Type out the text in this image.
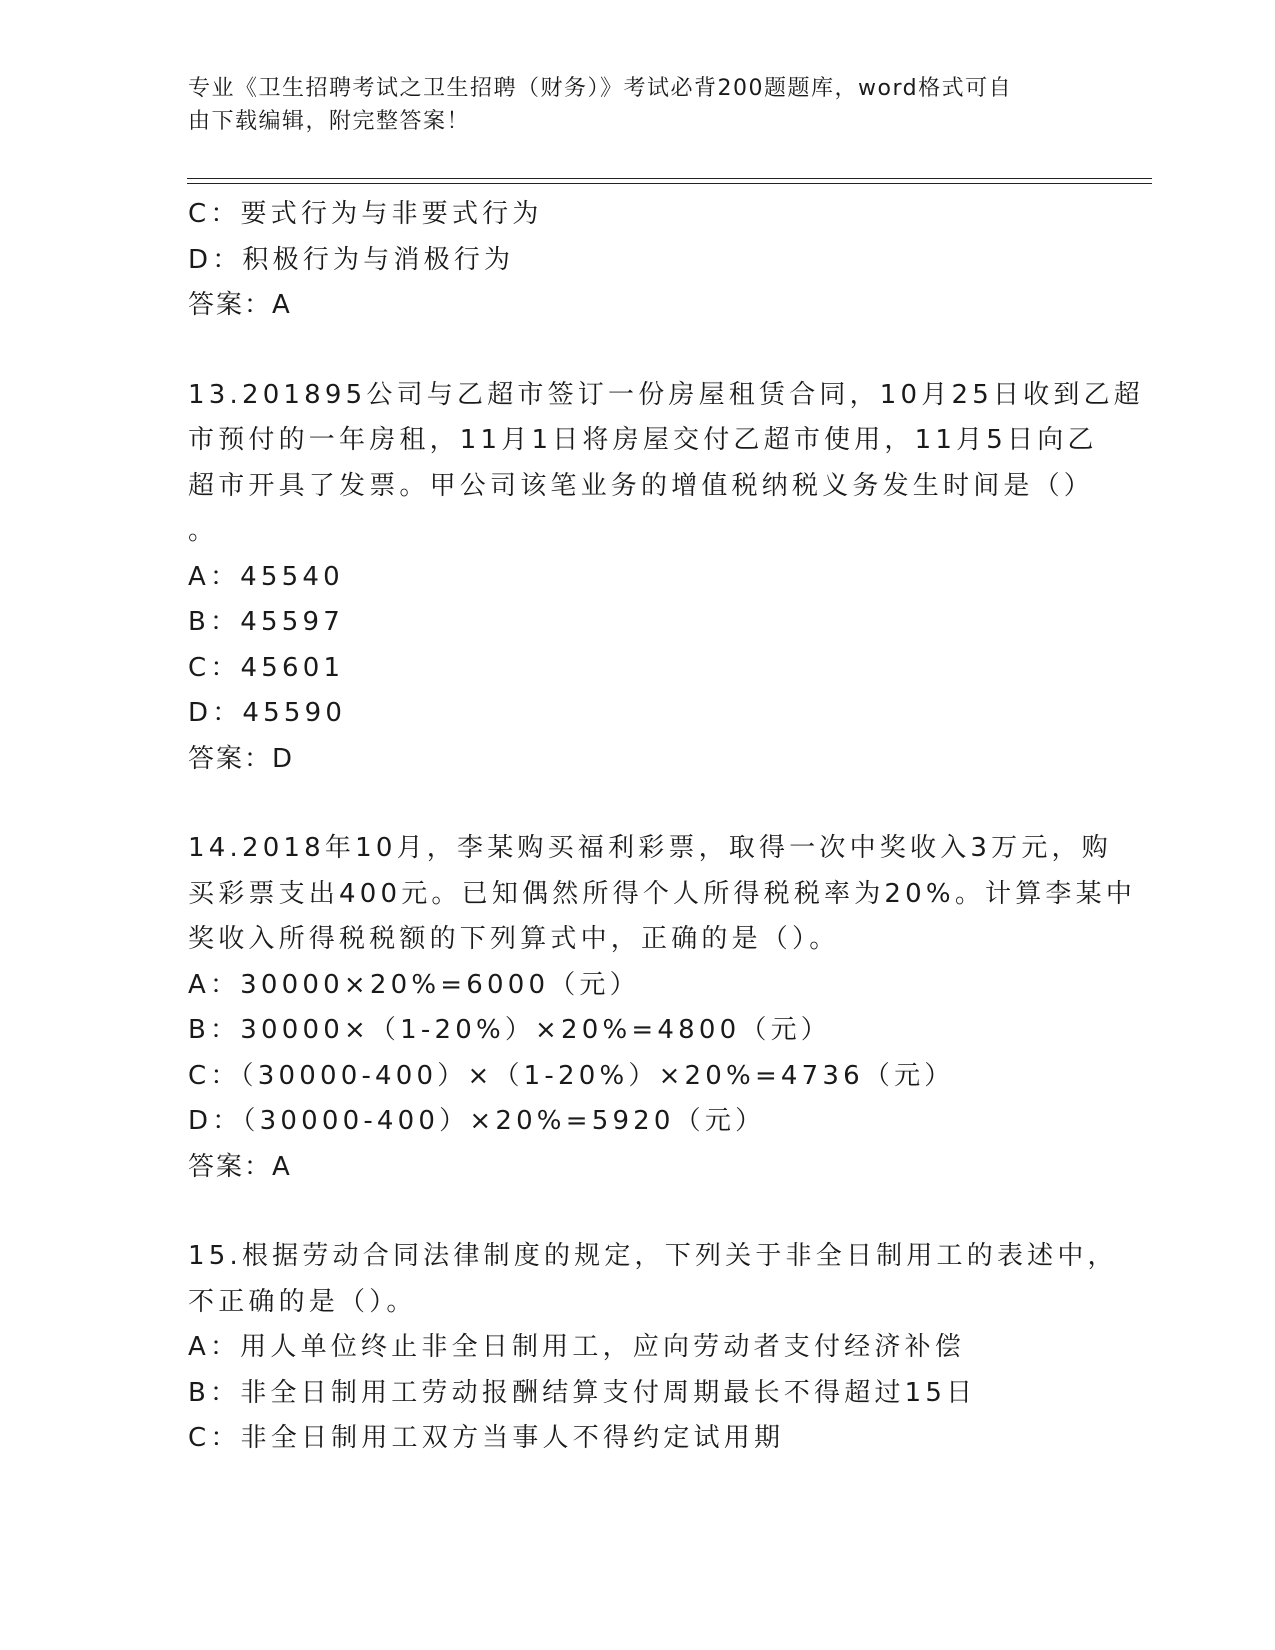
专业《卫生招聘考试之卫生招聘（财务）》考试必背200题题库，word格式可自
由下载编辑，附完整答案！
C：要式行为与非要式行为
D：积极行为与消极行为
答案：A
13.201895公司与乙超市签订一份房屋租赁合同，10月25日收到乙超
市预付的一年房租，11月1日将房屋交付乙超市使用，11月5日向乙
超市开具了发票。甲公司该笔业务的增值税纳税义务发生时间是（）
。
A：45540
B：45597
C：45601
D：45590
答案：D
14.2018年10月，李某购买福利彩票，取得一次中奖收入3万元，购
买彩票支出400元。已知偶然所得个人所得税税率为20%。计算李某中
奖收入所得税税额的下列算式中，正确的是（）。
A：30000×20%=6000（元）
B：30000×（1-20%）×20%=4800（元）
C：（30000-400）×（1-20%）×20%=4736（元）
D：（30000-400）×20%=5920（元）
答案：A
15.根据劳动合同法律制度的规定，下列关于非全日制用工的表述中，
不正确的是（）。
A：用人单位终止非全日制用工，应向劳动者支付经济补偿
B：非全日制用工劳动报酬结算支付周期最长不得超过15日
C：非全日制用工双方当事人不得约定试用期
